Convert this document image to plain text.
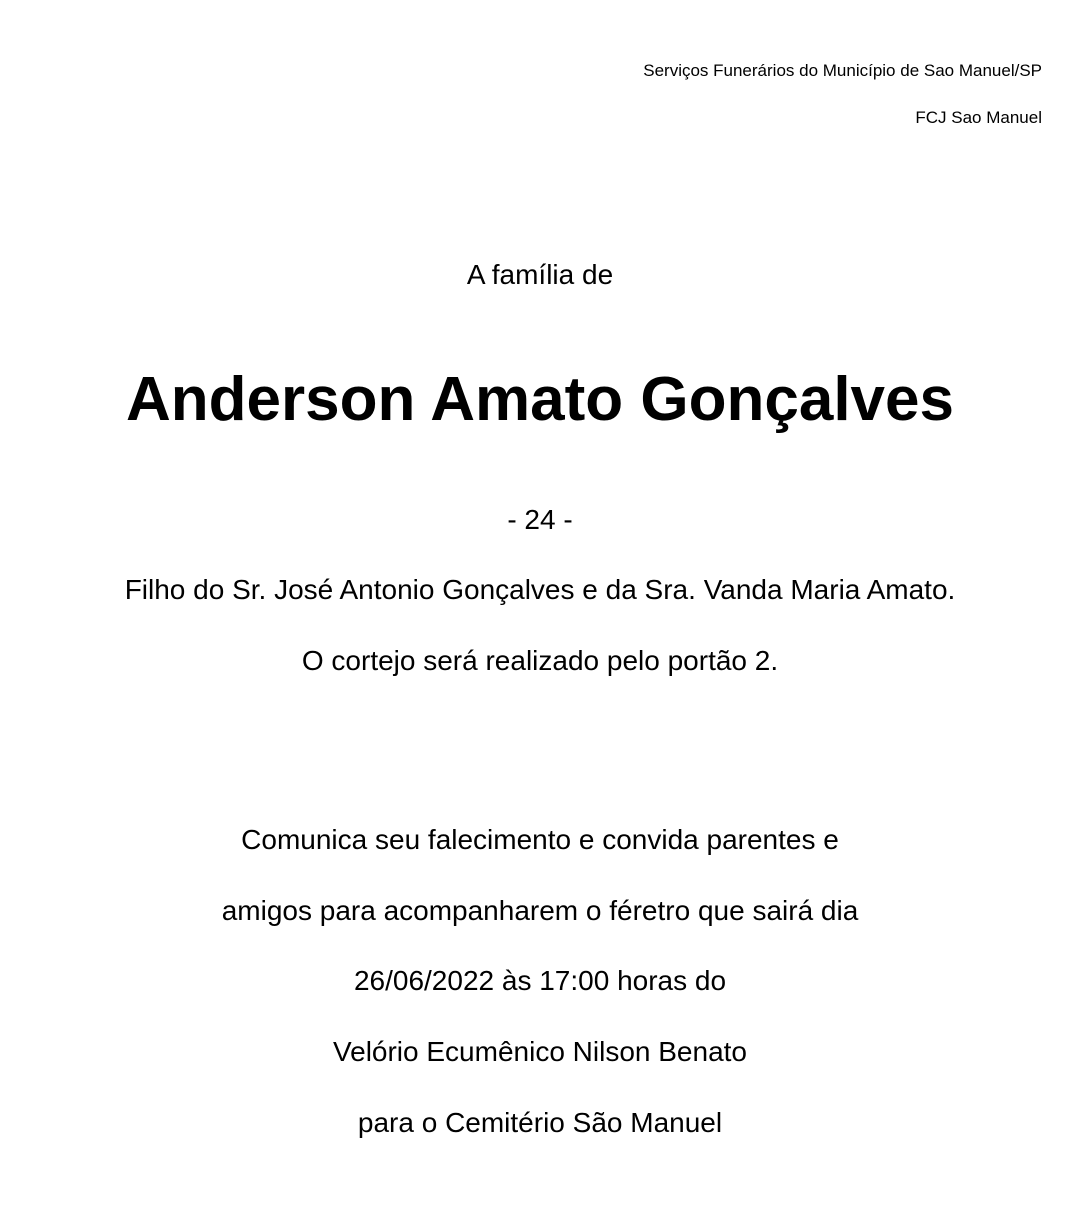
Serviços Funerários do Município de Sao Manuel/SP
FCJ Sao Manuel
A família de
Anderson Amato Gonçalves
- 24 -
Filho do Sr. José Antonio Gonçalves e da Sra. Vanda Maria Amato.
O cortejo será realizado pelo portão 2.
Comunica seu falecimento e convida parentes e
amigos para acompanharem o féretro que sairá dia
26/06/2022 às 17:00 horas do
Velório Ecumênico Nilson Benato
para o Cemitério São Manuel
